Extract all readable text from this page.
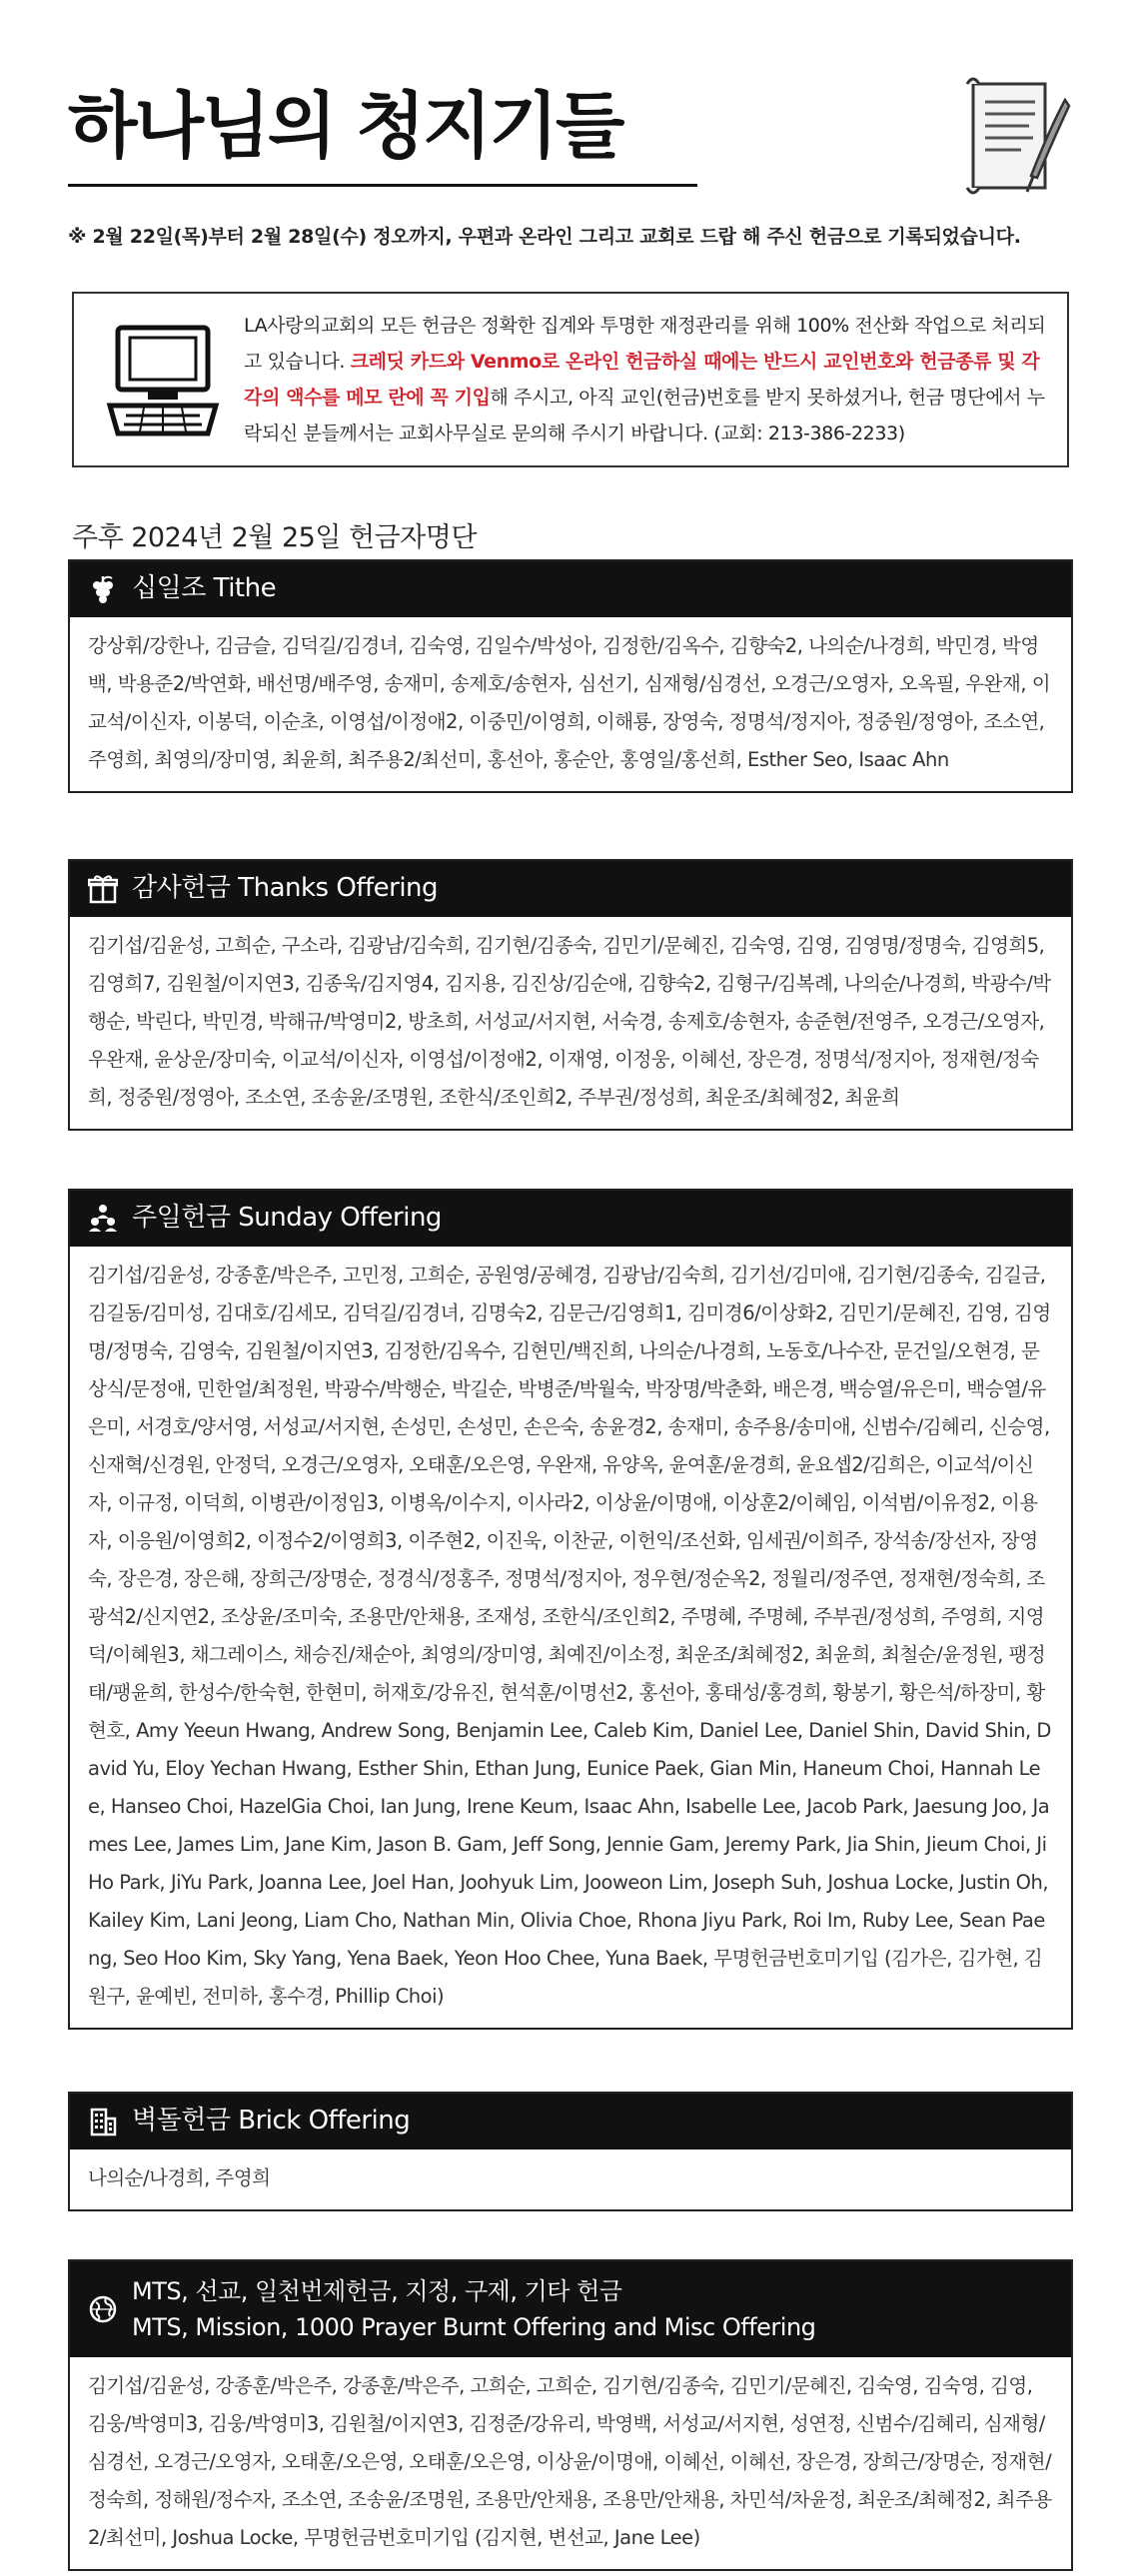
하나님의 청지기들
※ 2월 22일(목)부터 2월 28일(수) 정오까지, 우편과 온라인 그리고 교회로 드랍 해 주신 헌금으로 기록되었습니다.
LA사랑의교회의 모든 헌금은 정확한 집계와 투명한 재정관리를 위해 100% 전산화 작업으로 처리되고 있습니다. 크레딧 카드와 Venmo로 온라인 헌금하실 때에는 반드시 교인번호와 헌금종류 및 각각의 액수를 메모 란에 꼭 기입해 주시고, 아직 교인(헌금)번호를 받지 못하셨거나, 헌금 명단에서 누락되신 분들께서는 교회사무실로 문의해 주시기 바랍니다. (교회: 213-386-2233)
주후 2024년 2월 25일 헌금자명단
십일조 Tithe
강상휘/강한나, 김금슬, 김덕길/김경녀, 김숙영, 김일수/박성아, 김정한/김옥수, 김향숙2, 나의순/나경희, 박민경, 박영백, 박용준2/박연화, 배선명/배주영, 송재미, 송제호/송현자, 심선기, 심재형/심경선, 오경근/오영자, 오옥필, 우완재, 이교석/이신자, 이봉덕, 이순초, 이영섭/이정애2, 이중민/이영희, 이해룡, 장영숙, 정명석/정지아, 정중원/정영아, 조소연, 주영희, 최영의/장미영, 최윤희, 최주용2/최선미, 홍선아, 홍순안, 홍영일/홍선희, Esther Seo, Isaac Ahn
감사헌금 Thanks Offering
김기섭/김윤성, 고희순, 구소라, 김광남/김숙희, 김기현/김종숙, 김민기/문혜진, 김숙영, 김영, 김영명/정명숙, 김영희5, 김영희7, 김원철/이지연3, 김종욱/김지영4, 김지용, 김진상/김순애, 김향숙2, 김형구/김복례, 나의순/나경희, 박광수/박행순, 박린다, 박민경, 박해규/박영미2, 방초희, 서성교/서지현, 서숙경, 송제호/송현자, 송준현/전영주, 오경근/오영자, 우완재, 윤상운/장미숙, 이교석/이신자, 이영섭/이정애2, 이재영, 이정웅, 이혜선, 장은경, 정명석/정지아, 정재현/정숙희, 정중원/정영아, 조소연, 조송윤/조명원, 조한식/조인희2, 주부권/정성희, 최운조/최혜정2, 최윤희
주일헌금 Sunday Offering
김기섭/김윤성, 강종훈/박은주, 고민정, 고희순, 공원영/공혜경, 김광남/김숙희, 김기선/김미애, 김기현/김종숙, 김길금, 김길동/김미성, 김대호/김세모, 김덕길/김경녀, 김명숙2, 김문근/김영희1, 김미경6/이상화2, 김민기/문혜진, 김영, 김영명/정명숙, 김영숙, 김원철/이지연3, 김정한/김옥수, 김현민/백진희, 나의순/나경희, 노동호/나수잔, 문건일/오현경, 문상식/문정애, 민한얼/최정원, 박광수/박행순, 박길순, 박병준/박월숙, 박장명/박춘화, 배은경, 백승열/유은미, 백승열/유은미, 서경호/양서영, 서성교/서지현, 손성민, 손성민, 손은숙, 송윤경2, 송재미, 송주용/송미애, 신범수/김혜리, 신승영, 신재혁/신경원, 안정덕, 오경근/오영자, 오태훈/오은영, 우완재, 유양옥, 윤여훈/윤경희, 윤요셉2/김희은, 이교석/이신자, 이규정, 이덕희, 이병관/이정임3, 이병옥/이수지, 이사라2, 이상윤/이명애, 이상훈2/이혜임, 이석범/이유정2, 이용자, 이응원/이영희2, 이정수2/이영희3, 이주현2, 이진욱, 이찬균, 이헌익/조선화, 임세권/이희주, 장석송/장선자, 장영숙, 장은경, 장은해, 장희근/장명순, 정경식/정홍주, 정명석/정지아, 정우현/정순옥2, 정월리/정주연, 정재현/정숙희, 조광석2/신지연2, 조상윤/조미숙, 조용만/안채용, 조재성, 조한식/조인희2, 주명혜, 주명혜, 주부권/정성희, 주영희, 지영덕/이혜원3, 채그레이스, 채승진/채순아, 최영의/장미영, 최예진/이소정, 최운조/최혜정2, 최윤희, 최철순/윤정원, 팽정태/팽윤희, 한성수/한숙현, 한현미, 허재호/강유진, 현석훈/이명선2, 홍선아, 홍태성/홍경희, 황봉기, 황은석/하장미, 황현호, Amy Yeeun Hwang, Andrew Song, Benjamin Lee, Caleb Kim, Daniel Lee, Daniel Shin, David Shin, David Yu, Eloy Yechan Hwang, Esther Shin, Ethan Jung, Eunice Paek, Gian Min, Haneum Choi, Hannah Lee, Hanseo Choi, HazelGia Choi, Ian Jung, Irene Keum, Isaac Ahn, Isabelle Lee, Jacob Park, Jaesung Joo, James Lee, James Lim, Jane Kim, Jason B. Gam, Jeff Song, Jennie Gam, Jeremy Park, Jia Shin, Jieum Choi, JiHo Park, JiYu Park, Joanna Lee, Joel Han, Joohyuk Lim, Jooweon Lim, Joseph Suh, Joshua Locke, Justin Oh, Kailey Kim, Lani Jeong, Liam Cho, Nathan Min, Olivia Choe, Rhona Jiyu Park, Roi Im, Ruby Lee, Sean Paeng, Seo Hoo Kim, Sky Yang, Yena Baek, Yeon Hoo Chee, Yuna Baek, 무명헌금번호미기입 (김가은, 김가현, 김원구, 윤예빈, 전미하, 홍수경, Phillip Choi)
벽돌헌금 Brick Offering
나의순/나경희, 주영희
MTS, 선교, 일천번제헌금, 지정, 구제, 기타 헌금
MTS, Mission, 1000 Prayer Burnt Offering and Misc Offering
김기섭/김윤성, 강종훈/박은주, 강종훈/박은주, 고희순, 고희순, 김기현/김종숙, 김민기/문혜진, 김숙영, 김숙영, 김영, 김웅/박영미3, 김웅/박영미3, 김원철/이지연3, 김정준/강유리, 박영백, 서성교/서지현, 성연정, 신범수/김혜리, 심재형/심경선, 오경근/오영자, 오태훈/오은영, 오태훈/오은영, 이상윤/이명애, 이혜선, 이혜선, 장은경, 장희근/장명순, 정재현/정숙희, 정해원/정수자, 조소연, 조송윤/조명원, 조용만/안채용, 조용만/안채용, 차민석/차윤정, 최운조/최혜정2, 최주용2/최선미, Joshua Locke, 무명헌금번호미기입 (김지현, 변선교, Jane Lee)
